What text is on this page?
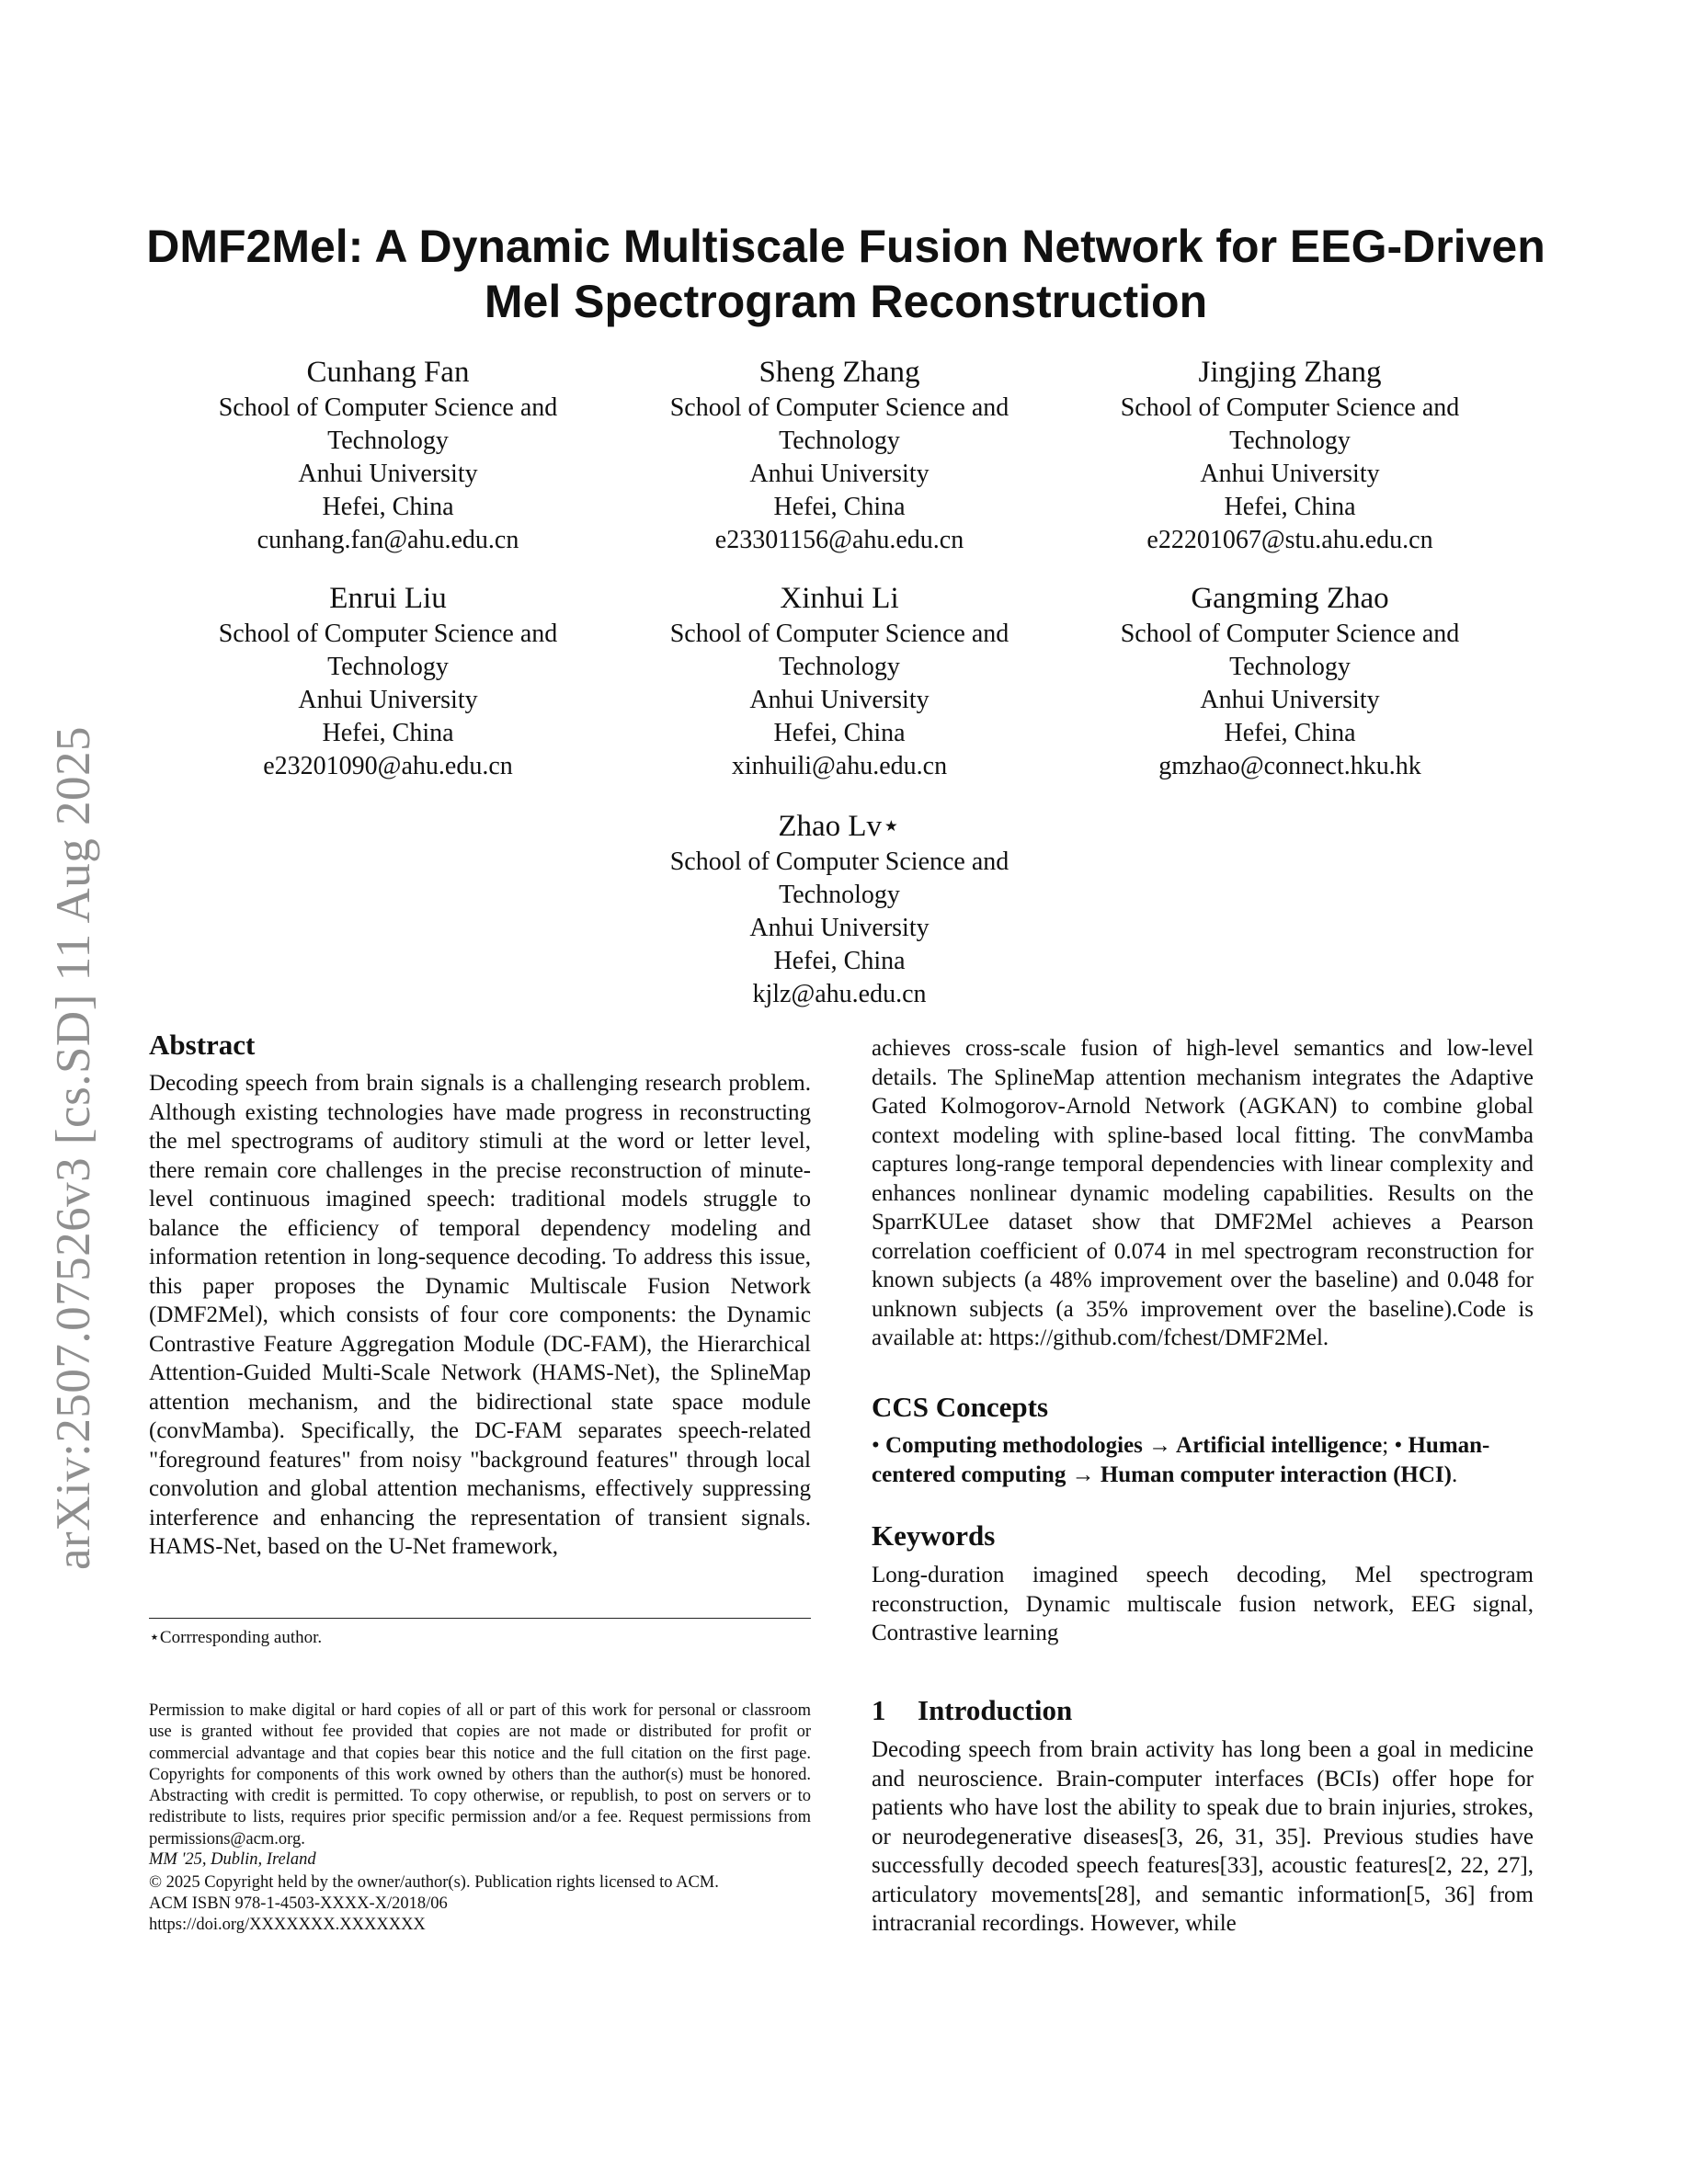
arXiv:2507.07526v3 [cs.SD] 11 Aug 2025
DMF2Mel: A Dynamic Multiscale Fusion Network for EEG-Driven
Mel Spectrogram Reconstruction
Cunhang Fan
School of Computer Science and
Technology
Anhui University
Hefei, China
cunhang.fan@ahu.edu.cn
Sheng Zhang
School of Computer Science and
Technology
Anhui University
Hefei, China
e23301156@ahu.edu.cn
Jingjing Zhang
School of Computer Science and
Technology
Anhui University
Hefei, China
e22201067@stu.ahu.edu.cn
Enrui Liu
School of Computer Science and
Technology
Anhui University
Hefei, China
e23201090@ahu.edu.cn
Xinhui Li
School of Computer Science and
Technology
Anhui University
Hefei, China
xinhuili@ahu.edu.cn
Gangming Zhao
School of Computer Science and
Technology
Anhui University
Hefei, China
gmzhao@connect.hku.hk
Zhao Lv⋆
School of Computer Science and
Technology
Anhui University
Hefei, China
kjlz@ahu.edu.cn
Abstract

Decoding speech from brain signals is a challenging research problem. Although existing technologies have made progress in reconstructing the mel spectrograms of auditory stimuli at the word or letter level, there remain core challenges in the precise reconstruction of minute-level continuous imagined speech: traditional models struggle to balance the efficiency of temporal dependency modeling and information retention in long-sequence decoding. To address this issue, this paper proposes the Dynamic Multiscale Fusion Network (DMF2Mel), which consists of four core components: the Dynamic Contrastive Feature Aggregation Module (DC-FAM), the Hierarchical Attention-Guided Multi-Scale Network (HAMS-Net), the SplineMap attention mechanism, and the bidirectional state space module (convMamba). Specifically, the DC-FAM separates speech-related "foreground features" from noisy "background features" through local convolution and global attention mechanisms, effectively suppressing interference and enhancing the representation of transient signals. HAMS-Net, based on the U-Net framework,

⋆Corrresponding author.
Permission to make digital or hard copies of all or part of this work for personal or classroom use is granted without fee provided that copies are not made or distributed for profit or commercial advantage and that copies bear this notice and the full citation on the first page. Copyrights for components of this work owned by others than the author(s) must be honored. Abstracting with credit is permitted. To copy otherwise, or republish, to post on servers or to redistribute to lists, requires prior specific permission and/or a fee. Request permissions from permissions@acm.org.
MM '25, Dublin, Ireland
© 2025 Copyright held by the owner/author(s). Publication rights licensed to ACM.
ACM ISBN 978-1-4503-XXXX-X/2018/06
https://doi.org/XXXXXXX.XXXXXXX

achieves cross-scale fusion of high-level semantics and low-level details. The SplineMap attention mechanism integrates the Adaptive Gated Kolmogorov-Arnold Network (AGKAN) to combine global context modeling with spline-based local fitting. The convMamba captures long-range temporal dependencies with linear complexity and enhances nonlinear dynamic modeling capabilities. Results on the SparrKULee dataset show that DMF2Mel achieves a Pearson correlation coefficient of 0.074 in mel spectrogram reconstruction for known subjects (a 48% improvement over the baseline) and 0.048 for unknown subjects (a 35% improvement over the baseline).Code is available at: https://github.com/fchest/DMF2Mel.

CCS Concepts
• Computing methodologies → Artificial intelligence; • Human-centered computing → Human computer interaction (HCI).
Keywords

Long-duration imagined speech decoding, Mel spectrogram reconstruction, Dynamic multiscale fusion network, EEG signal, Contrastive learning

1 Introduction

Decoding speech from brain activity has long been a goal in medicine and neuroscience. Brain-computer interfaces (BCIs) offer hope for patients who have lost the ability to speak due to brain injuries, strokes, or neurodegenerative diseases[3, 26, 31, 35]. Previous studies have successfully decoded speech features[33], acoustic features[2, 22, 27], articulatory movements[28], and semantic information[5, 36] from intracranial recordings. However, while
